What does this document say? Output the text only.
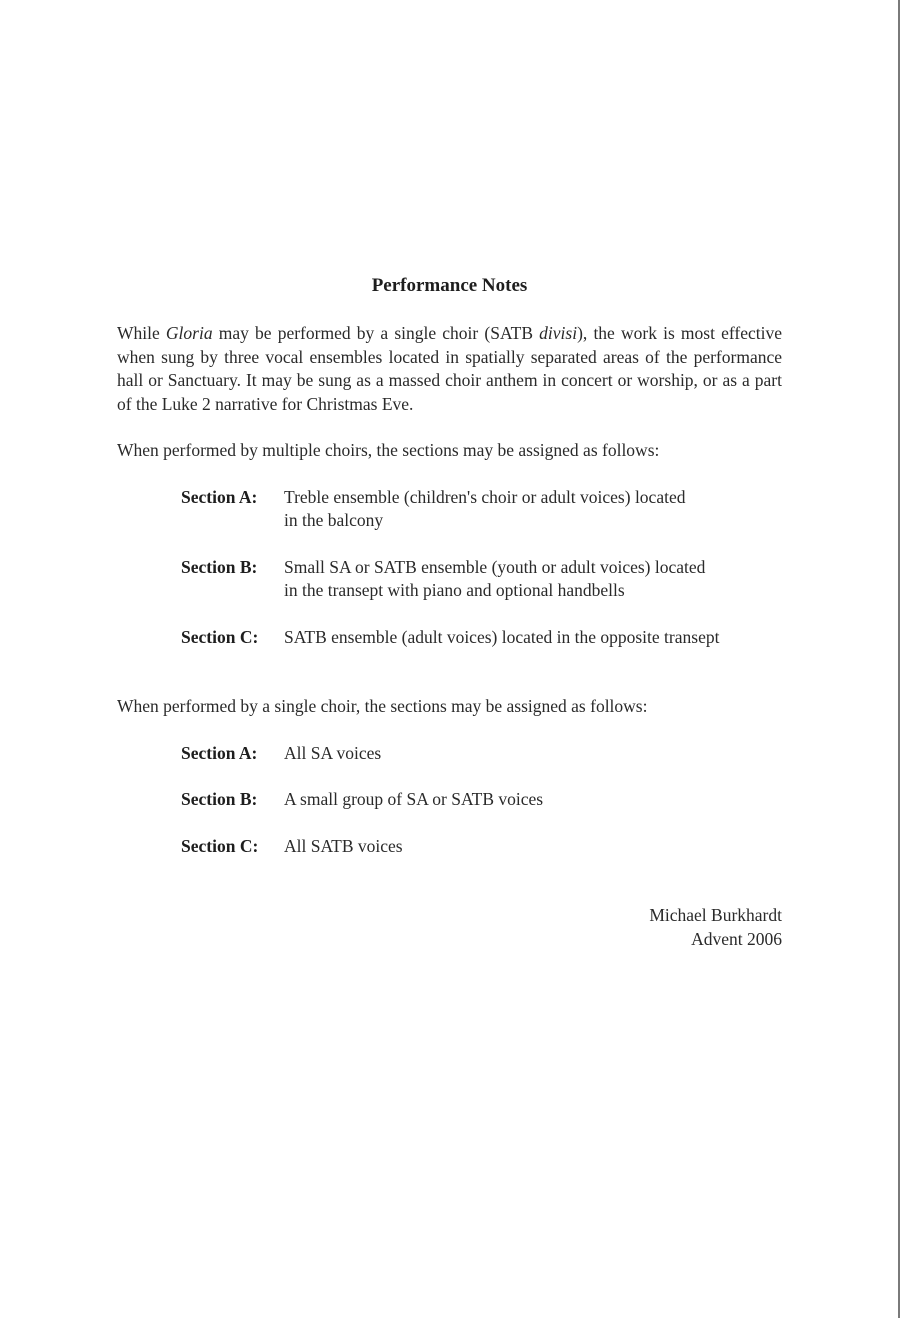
Performance Notes

While Gloria may be performed by a single choir (SATB divisi), the work is most effective when sung by three vocal ensembles located in spatially separated areas of the performance hall or Sanctuary. It may be sung as a massed choir anthem in concert or worship, or as a part of the Luke 2 narrative for Christmas Eve.

When performed by multiple choirs, the sections may be assigned as follows:

Section A:	Treble ensemble (children's choir or adult voices) located
in the balcony
Section B:	Small SA or SATB ensemble (youth or adult voices) located
in the transept with piano and optional handbells
Section C:	SATB ensemble (adult voices) located in the opposite transept

When performed by a single choir, the sections may be assigned as follows:

Section A:	All SA voices
Section B:	A small group of SA or SATB voices
Section C:	All SATB voices
Michael Burkhardt
Advent 2006
